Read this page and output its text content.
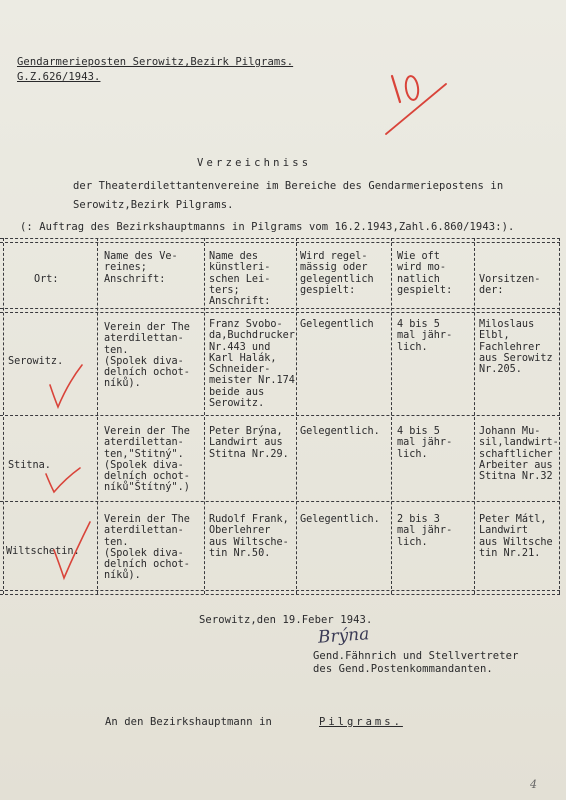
Gendarmerieposten Serowitz,Bezirk Pilgrams.
G.Z.626/1943.
Verzeichniss
der Theaterdilettantenvereine im Bereiche des Gendarmeriepostens in
Serowitz,Bezirk Pilgrams.
(: Auftrag des Bezirkshauptmanns in Pilgrams vom 16.2.1943,Zahl.6.860/1943:).
Ort:
Name des Ve-
reines;
Anschrift:
Name des
künstleri-
schen Lei-
ters;
Anschrift:
Wird regel-
mässig oder
gelegentlich
gespielt:
Wie oft
wird mo-
natlich
gespielt:
Vorsitzen-
der:
Serowitz.
Verein der The
aterdilettan-
ten.
(Spolek diva-
delních ochot-
níků).
Franz Svobo-
da,Buchdrucker
Nr.443 und
Karl Halák,
Schneider-
meister Nr.174
beide aus
Serowitz.
Gelegentlich 4 bis 5
mal jähr-
lich.
Miloslaus
Elbl,
Fachlehrer
aus Serowitz
Nr.205.
Stitna.
Verein der The
aterdilettan-
ten,"Stitný".
(Spolek diva-
delních ochot-
níků"Štítný".)
Peter Brýna,
Landwirt aus
Stitna Nr.29.
Gelegentlich. 4 bis 5
mal jähr-
lich.
Johann Mu-
sil,landwirt-
schaftlicher
Arbeiter aus
Stitna Nr.32
Wiltschetin.
Verein der The
aterdilettan-
ten.
(Spolek diva-
delních ochot-
níků).
Rudolf Frank,
Oberlehrer
aus Wiltsche-
tin Nr.50.
Gelegentlich. 2 bis 3
mal jähr-
lich.
Peter Mátl,
Landwirt
aus Wiltsche
tin Nr.21.
Serowitz,den 19.Feber 1943.
Brýna
Gend.Fähnrich und Stellvertreter
des Gend.Postenkommandanten.
An den Bezirkshauptmann in	Pilgrams.
4
